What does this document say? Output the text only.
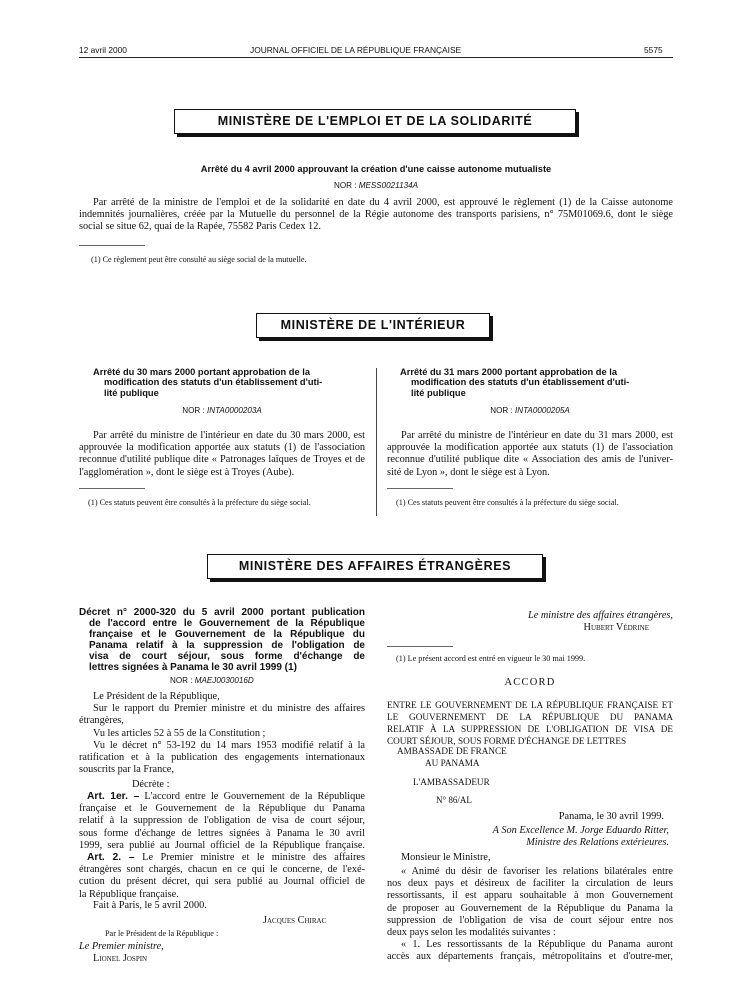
12 avril 2000	JOURNAL OFFICIEL DE LA RÉPUBLIQUE FRANÇAISE	5575
MINISTÈRE DE L'EMPLOI ET DE LA SOLIDARITÉ
Arrêté du 4 avril 2000 approuvant la création d'une caisse autonome mutualiste
NOR : MESS0021134A
Par arrêté de la ministre de l'emploi et de la solidarité en date du 4 avril 2000, est approuvé le règlement (1) de la Caisse autonome
indemnités journalières, créée par la Mutuelle du personnel de la Régie autonome des transports parisiens, n° 75M01069.6, dont le siège
social se situe 62, quai de la Rapée, 75582 Paris Cedex 12.
(1) Ce règlement peut être consulté au siège social de la mutuelle.
MINISTÈRE DE L'INTÉRIEUR
Arrêté du 30 mars 2000 portant approbation de la
modification des statuts d'un établissement d'uti-
lité publique
NOR : INTA0000203A
Par arrêté du ministre de l'intérieur en date du 30 mars 2000, est
approuvée la modification apportée aux statuts (1) de l'association
reconnue d'utilité publique dite « Patronages laïques de Troyes et de
l'agglomération », dont le siège est à Troyes (Aube).
(1) Ces statuts peuvent être consultés à la préfecture du siège social.
Arrêté du 31 mars 2000 portant approbation de la
modification des statuts d'un établissement d'uti-
lité publique
NOR : INTA0000205A
Par arrêté du ministre de l'intérieur en date du 31 mars 2000, est
approuvée la modification apportée aux statuts (1) de l'association
reconnue d'utilité publique dite « Association des amis de l'univer-
sité de Lyon », dont le siège est à Lyon.
(1) Ces statuts peuvent être consultés à la préfecture du siège social.
MINISTÈRE DES AFFAIRES ÉTRANGÈRES
Décret n° 2000-320 du 5 avril 2000 portant publication
de l'accord entre le Gouvernement de la République
française et le Gouvernement de la République du
Panama relatif à la suppression de l'obligation de
visa de court séjour, sous forme d'échange de
lettres signées à Panama le 30 avril 1999 (1)
NOR : MAEJ0030016D
Le Président de la République,
Sur le rapport du Premier ministre et du ministre des affaires
étrangères,
Vu les articles 52 à 55 de la Constitution ;
Vu le décret n° 53-192 du 14 mars 1953 modifié relatif à la
ratification et à la publication des engagements internationaux
souscrits par la France,
Décrète :
Art. 1er. – L'accord entre le Gouvernement de la République
française et le Gouvernement de la République du Panama
relatif à la suppression de l'obligation de visa de court séjour,
sous forme d'échange de lettres signées à Panama le 30 avril
1999, sera publié au Journal officiel de la République française.
Art. 2. – Le Premier ministre et le ministre des affaires
étrangères sont chargés, chacun en ce qui le concerne, de l'exé-
cution du présent décret, qui sera publié au Journal officiel de
la République française.
Fait à Paris, le 5 avril 2000.
Jacques Chirac
Par le Président de la République :
Le Premier ministre,
Lionel Jospin
Le ministre des affaires étrangères,
Hubert Védrine
(1) Le présent accord est entré en vigueur le 30 mai 1999.
ACCORD
ENTRE LE GOUVERNEMENT DE LA RÉPUBLIQUE FRANÇAISE ET
LE GOUVERNEMENT DE LA RÉPUBLIQUE DU PANAMA
RELATIF À LA SUPPRESSION DE L'OBLIGATION DE VISA DE
COURT SÉJOUR, SOUS FORME D'ÉCHANGE DE LETTRES
AMBASSADE DE FRANCE
AU PANAMA
L'AMBASSADEUR
N° 86/AL
Panama, le 30 avril 1999.
A Son Excellence M. Jorge Eduardo Ritter,
Ministre des Relations extérieures.
Monsieur le Ministre,
« Animé du désir de favoriser les relations bilatérales entre
nos deux pays et désireux de faciliter la circulation de leurs
ressortissants, il est apparu souhaitable à mon Gouvernement
de proposer au Gouvernement de la République du Panama la
suppression de l'obligation de visa de court séjour entre nos
deux pays selon les modalités suivantes :
« 1. Les ressortissants de la République du Panama auront
accès aux départements français, métropolitains et d'outre-mer,
